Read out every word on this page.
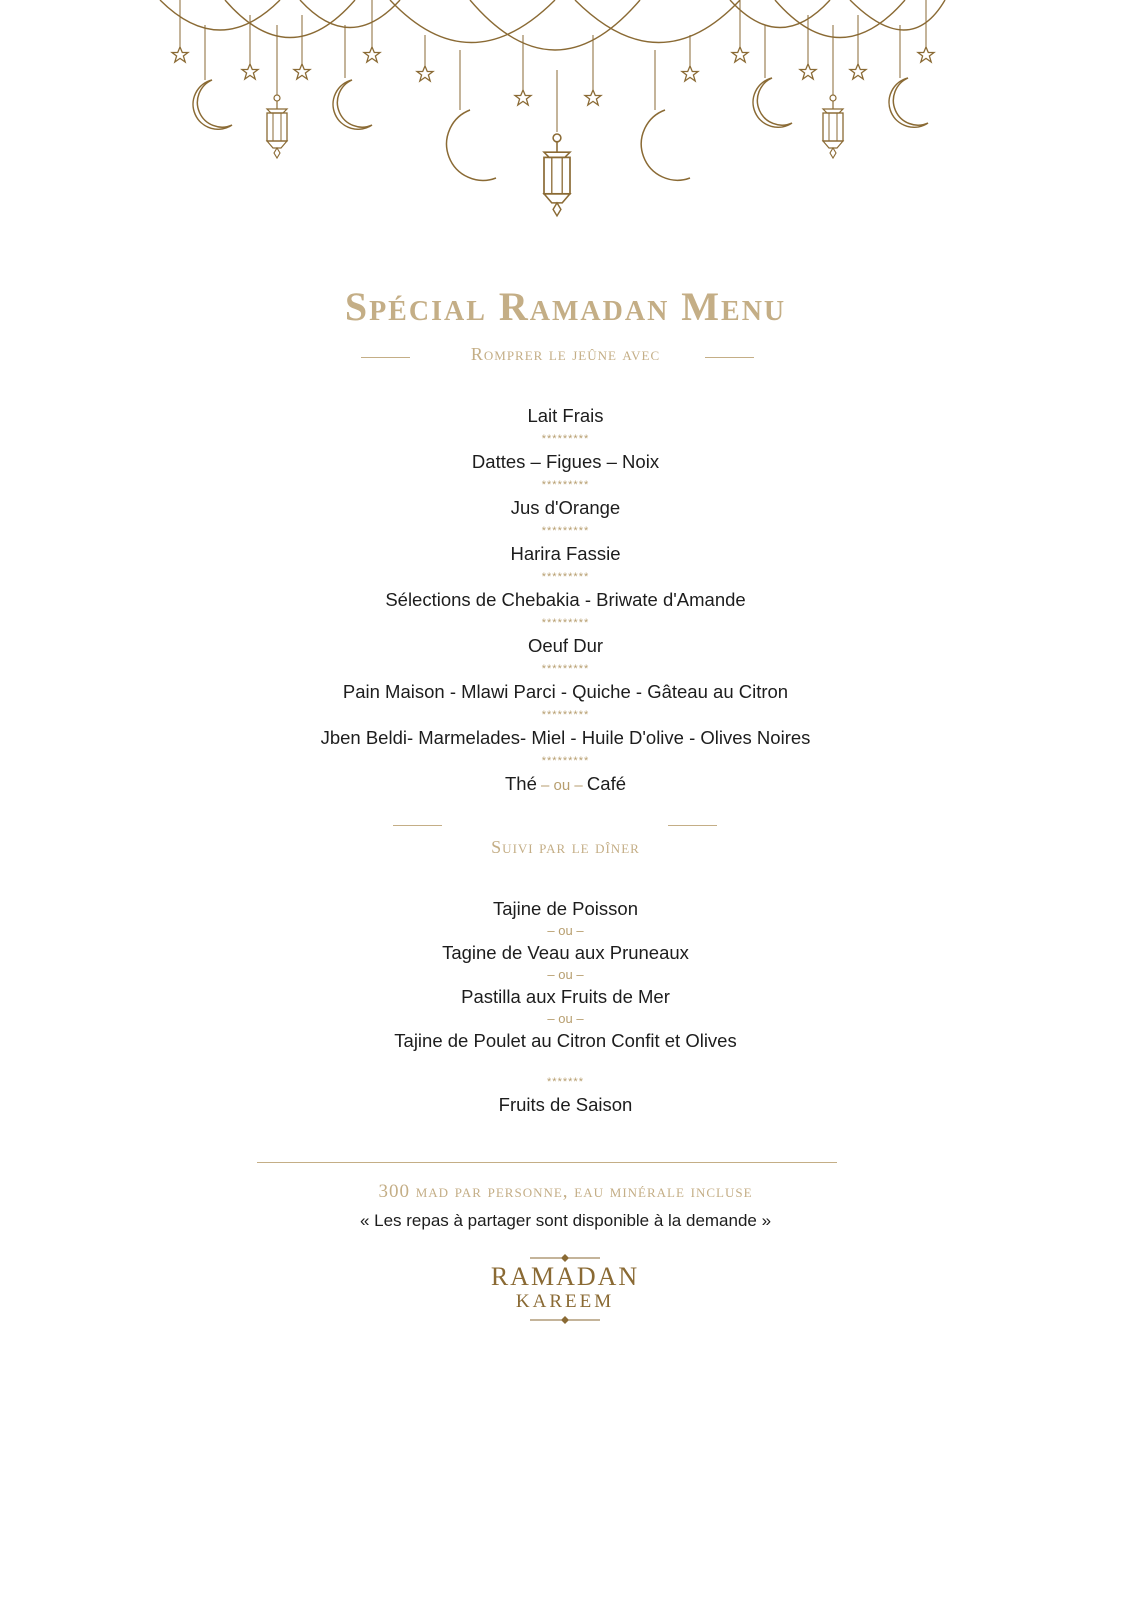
Spécial Ramadan Menu
Romprer le jeûne avec
Lait Frais
*********
Dattes – Figues – Noix
*********
Jus d'Orange
*********
Harira Fassie
*********
Sélections de Chebakia - Briwate d'Amande
*********
Oeuf Dur
*********
Pain Maison - Mlawi Parci - Quiche - Gâteau au Citron
*********
Jben Beldi- Marmelades- Miel - Huile D'olive - Olives Noires
*********
Thé – ou – Café
Suivi par le dîner
Tajine de Poisson
– ou –
Tagine de Veau aux Pruneaux
– ou –
Pastilla aux Fruits de Mer
– ou –
Tajine de Poulet au Citron Confit et Olives
*******
Fruits de Saison
300 mad par personne, eau minérale incluse
« Les repas à partager sont disponible à la demande »
RAMADAN
KAREEM
